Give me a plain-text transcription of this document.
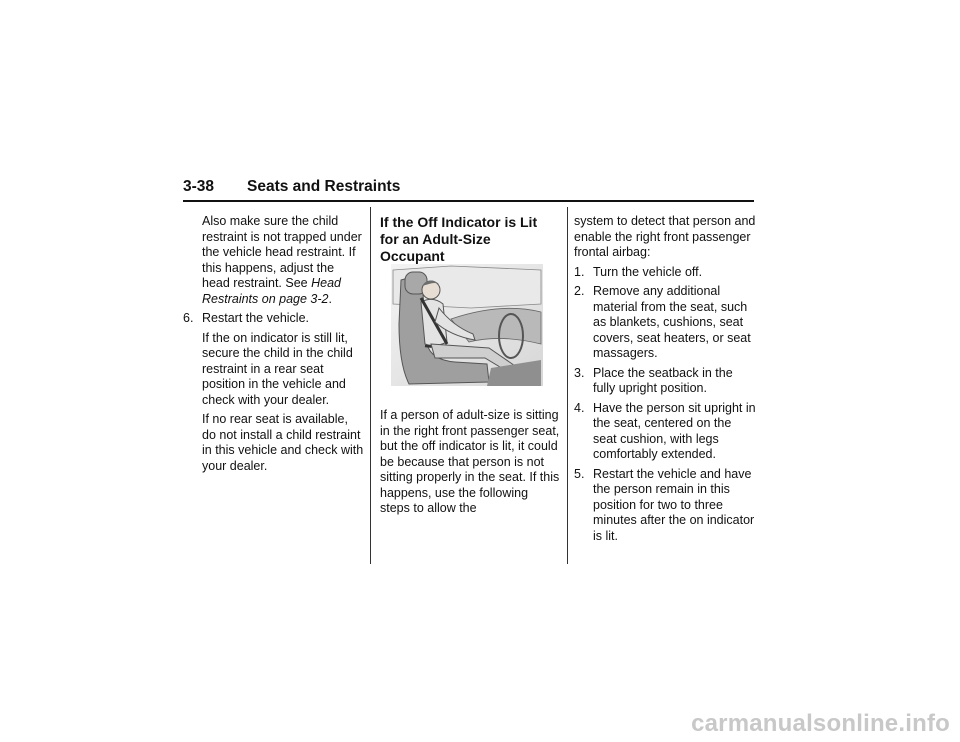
3-38 Seats and Restraints

Also make sure the child restraint is not trapped under the vehicle head restraint. If this happens, adjust the head restraint. See Head Restraints on page 3-2.

6. Restart the vehicle.

If the on indicator is still lit, secure the child in the child restraint in a rear seat position in the vehicle and check with your dealer.

If no rear seat is available, do not install a child restraint in this vehicle and check with your dealer.

If the Off Indicator is Lit for an Adult-Size Occupant

If a person of adult-size is sitting in the right front passenger seat, but the off indicator is lit, it could be because that person is not sitting properly in the seat. If this happens, use the following steps to allow the

system to detect that person and enable the right front passenger frontal airbag:

1. Turn the vehicle off.

2. Remove any additional material from the seat, such as blankets, cushions, seat covers, seat heaters, or seat massagers.

3. Place the seatback in the fully upright position.

4. Have the person sit upright in the seat, centered on the seat cushion, with legs comfortably extended.

5. Restart the vehicle and have the person remain in this position for two to three minutes after the on indicator is lit.

carmanualsonline.info
